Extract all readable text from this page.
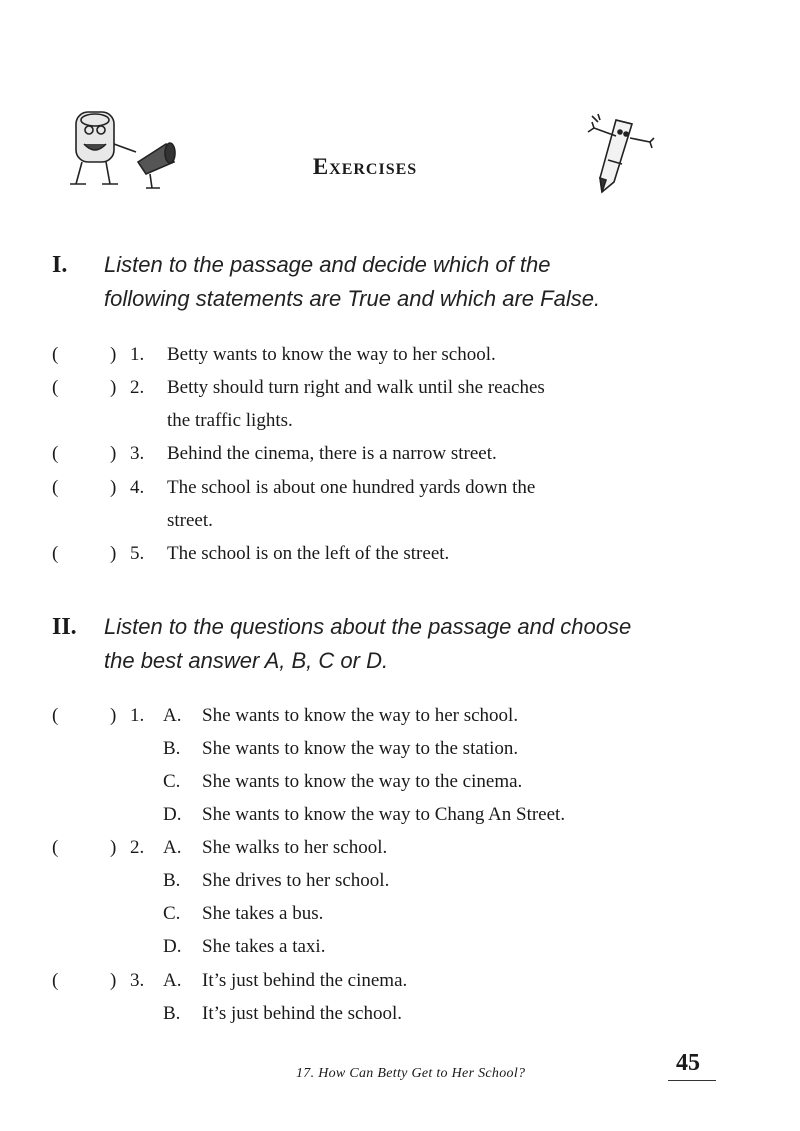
Exercises
I. Listen to the passage and decide which of the
following statements are True and which are False.
(	) 1. Betty wants to know the way to her school.
(	) 2. Betty should turn right and walk until she reaches
the traffic lights.
(	) 3. Behind the cinema, there is a narrow street.
(	) 4. The school is about one hundred yards down the
street.
(	) 5. The school is on the left of the street.
II. Listen to the questions about the passage and choose
the best answer A, B, C or D.
(	) 1. A. She wants to know the way to her school.
B. She wants to know the way to the station.
C. She wants to know the way to the cinema.
D. She wants to know the way to Chang An Street.
(	) 2. A. She walks to her school.
B. She drives to her school.
C. She takes a bus.
D. She takes a taxi.
(	) 3. A. It’s just behind the cinema.
B. It’s just behind the school.
17. How Can Betty Get to Her School?	45
